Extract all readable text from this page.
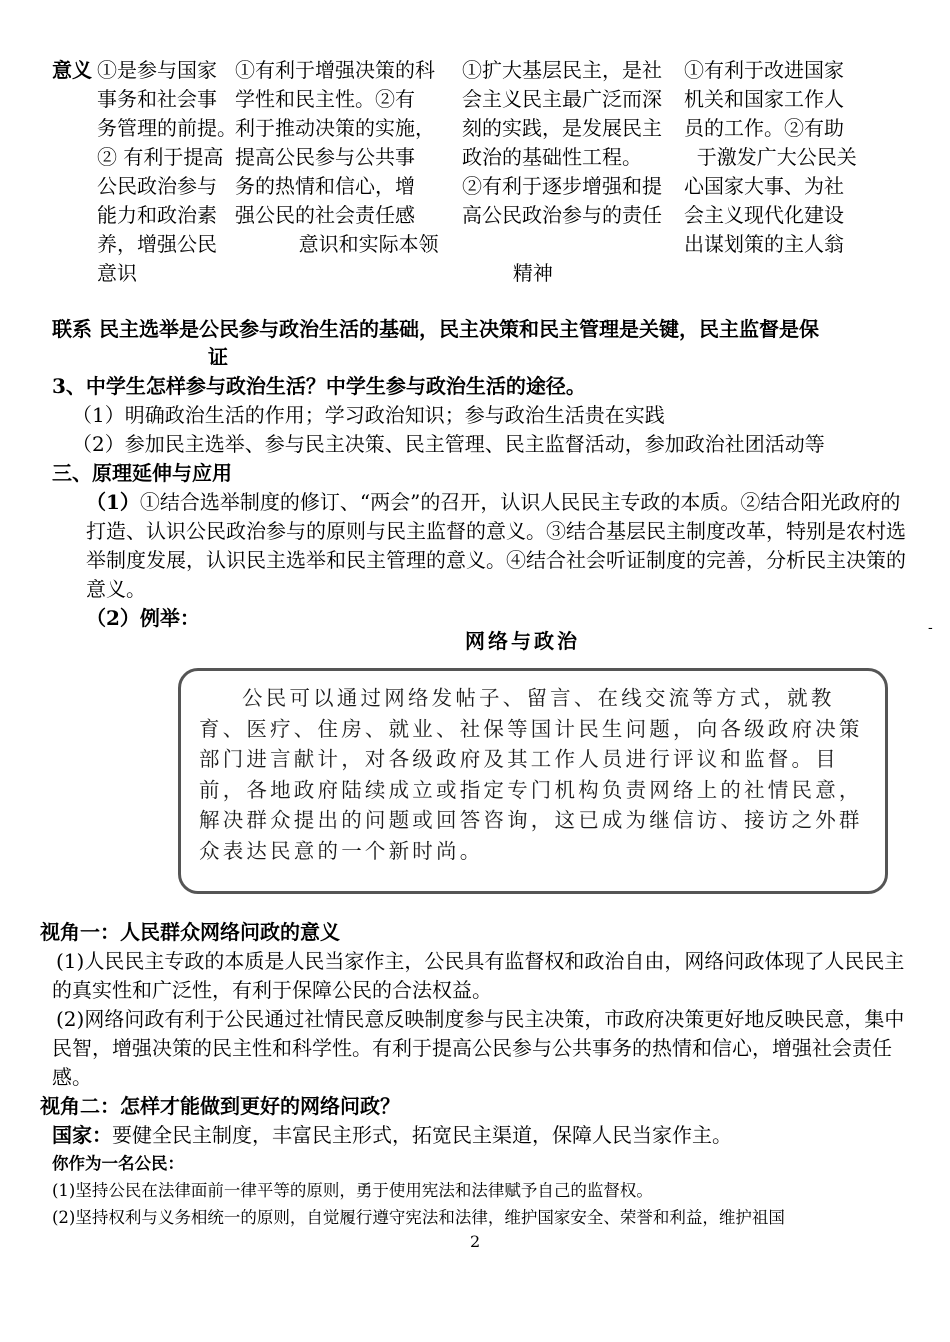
意义 ①是参与国家
事务和社会事
务管理的前提。
② 有利于提高
公民政治参与
能力和政治素
养，增强公民
意识
①有利于增强决策的科
学性和民主性。②有
利于推动决策的实施，
提高公民参与公共事
务的热情和信心，增
强公民的社会责任感
意识和实际本领
①扩大基层民主，是社
会主义民主最广泛而深
刻的实践，是发展民主
政治的基础性工程。
②有利于逐步增强和提
高公民政治参与的责任

精神
①有利于改进国家
机关和国家工作人
员的工作。②有助
于激发广大公民关
心国家大事、为社
会主义现代化建设
出谋划策的主人翁
联系 民主选举是公民参与政治生活的基础，民主决策和民主管理是关键，民主监督是保
证
3、中学生怎样参与政治生活？中学生参与政治生活的途径。
（1）明确政治生活的作用；学习政治知识；参与政治生活贵在实践
（2）参加民主选举、参与民主决策、民主管理、民主监督活动，参加政治社团活动等
三、原理延伸与应用

（1）①结合选举制度的修订、“两会”的召开，认识人民民主专政的本质。②结合阳光政府的打造、认识公民政治参与的原则与民主监督的意义。③结合基层民主制度改革，特别是农村选举制度发展，认识民主选举和民主管理的意义。④结合社会听证制度的完善，分析民主决策的意义。

（2）例举：
网络与政治
-

公民可以通过网络发帖子、留言、在线交流等方式，就教育、医疗、住房、就业、社保等国计民生问题，向各级政府决策部门进言献计，对各级政府及其工作人员进行评议和监督。目前，各地政府陆续成立或指定专门机构负责网络上的社情民意，解决群众提出的问题或回答咨询，这已成为继信访、接访之外群众表达民意的一个新时尚。

视角一：人民群众网络问政的意义

(1)人民民主专政的本质是人民当家作主，公民具有监督权和政治自由，网络问政体现了人民民主的真实性和广泛性，有利于保障公民的合法权益。

(2)网络问政有利于公民通过社情民意反映制度参与民主决策，市政府决策更好地反映民意，集中民智，增强决策的民主性和科学性。有利于提高公民参与公共事务的热情和信心，增强社会责任感。

视角二：怎样才能做到更好的网络问政？

国家：要健全民主制度，丰富民主形式，拓宽民主渠道，保障人民当家作主。

你作为一名公民：

(1)坚持公民在法律面前一律平等的原则，勇于使用宪法和法律赋予自己的监督权。

(2)坚持权利与义务相统一的原则，自觉履行遵守宪法和法律，维护国家安全、荣誉和利益，维护祖国

2
